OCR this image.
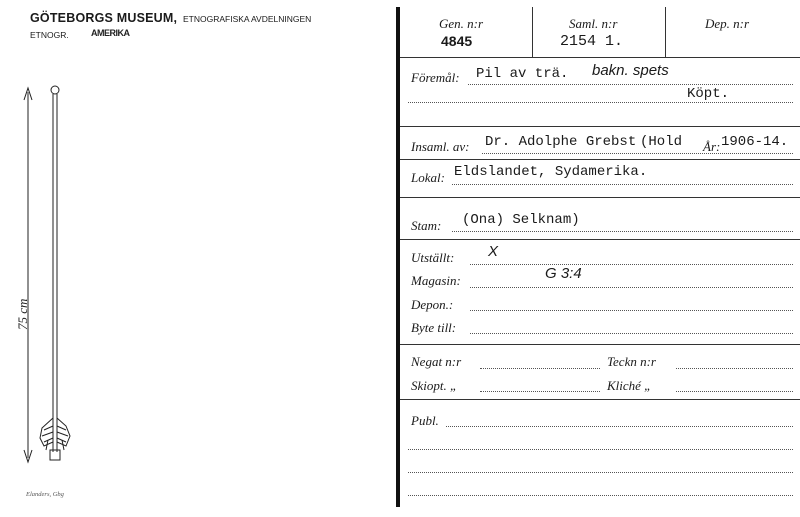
GÖTEBORGS MUSEUM, ETNOGRAFISKA AVDELNINGEN
ETNOGR. AMERIKA
75 cm
Elanders, Gbg
Gen. n:r
4845
Saml. n:r
2154 1.
Dep. n:r
Föremål: Pil av trä. bakn. spets
Köpt.
Insaml. av: Dr. Adolphe Grebst (Hold År: 1906-14.
Lokal: Eldslandet, Sydamerika.
Stam: (Ona) Selknam)
Utställt: X
Magasin:	G 3:4
Depon.:
Byte till:
Negat n:r	Teckn n:r
Skiopt. „	Kliché „
Publ.
